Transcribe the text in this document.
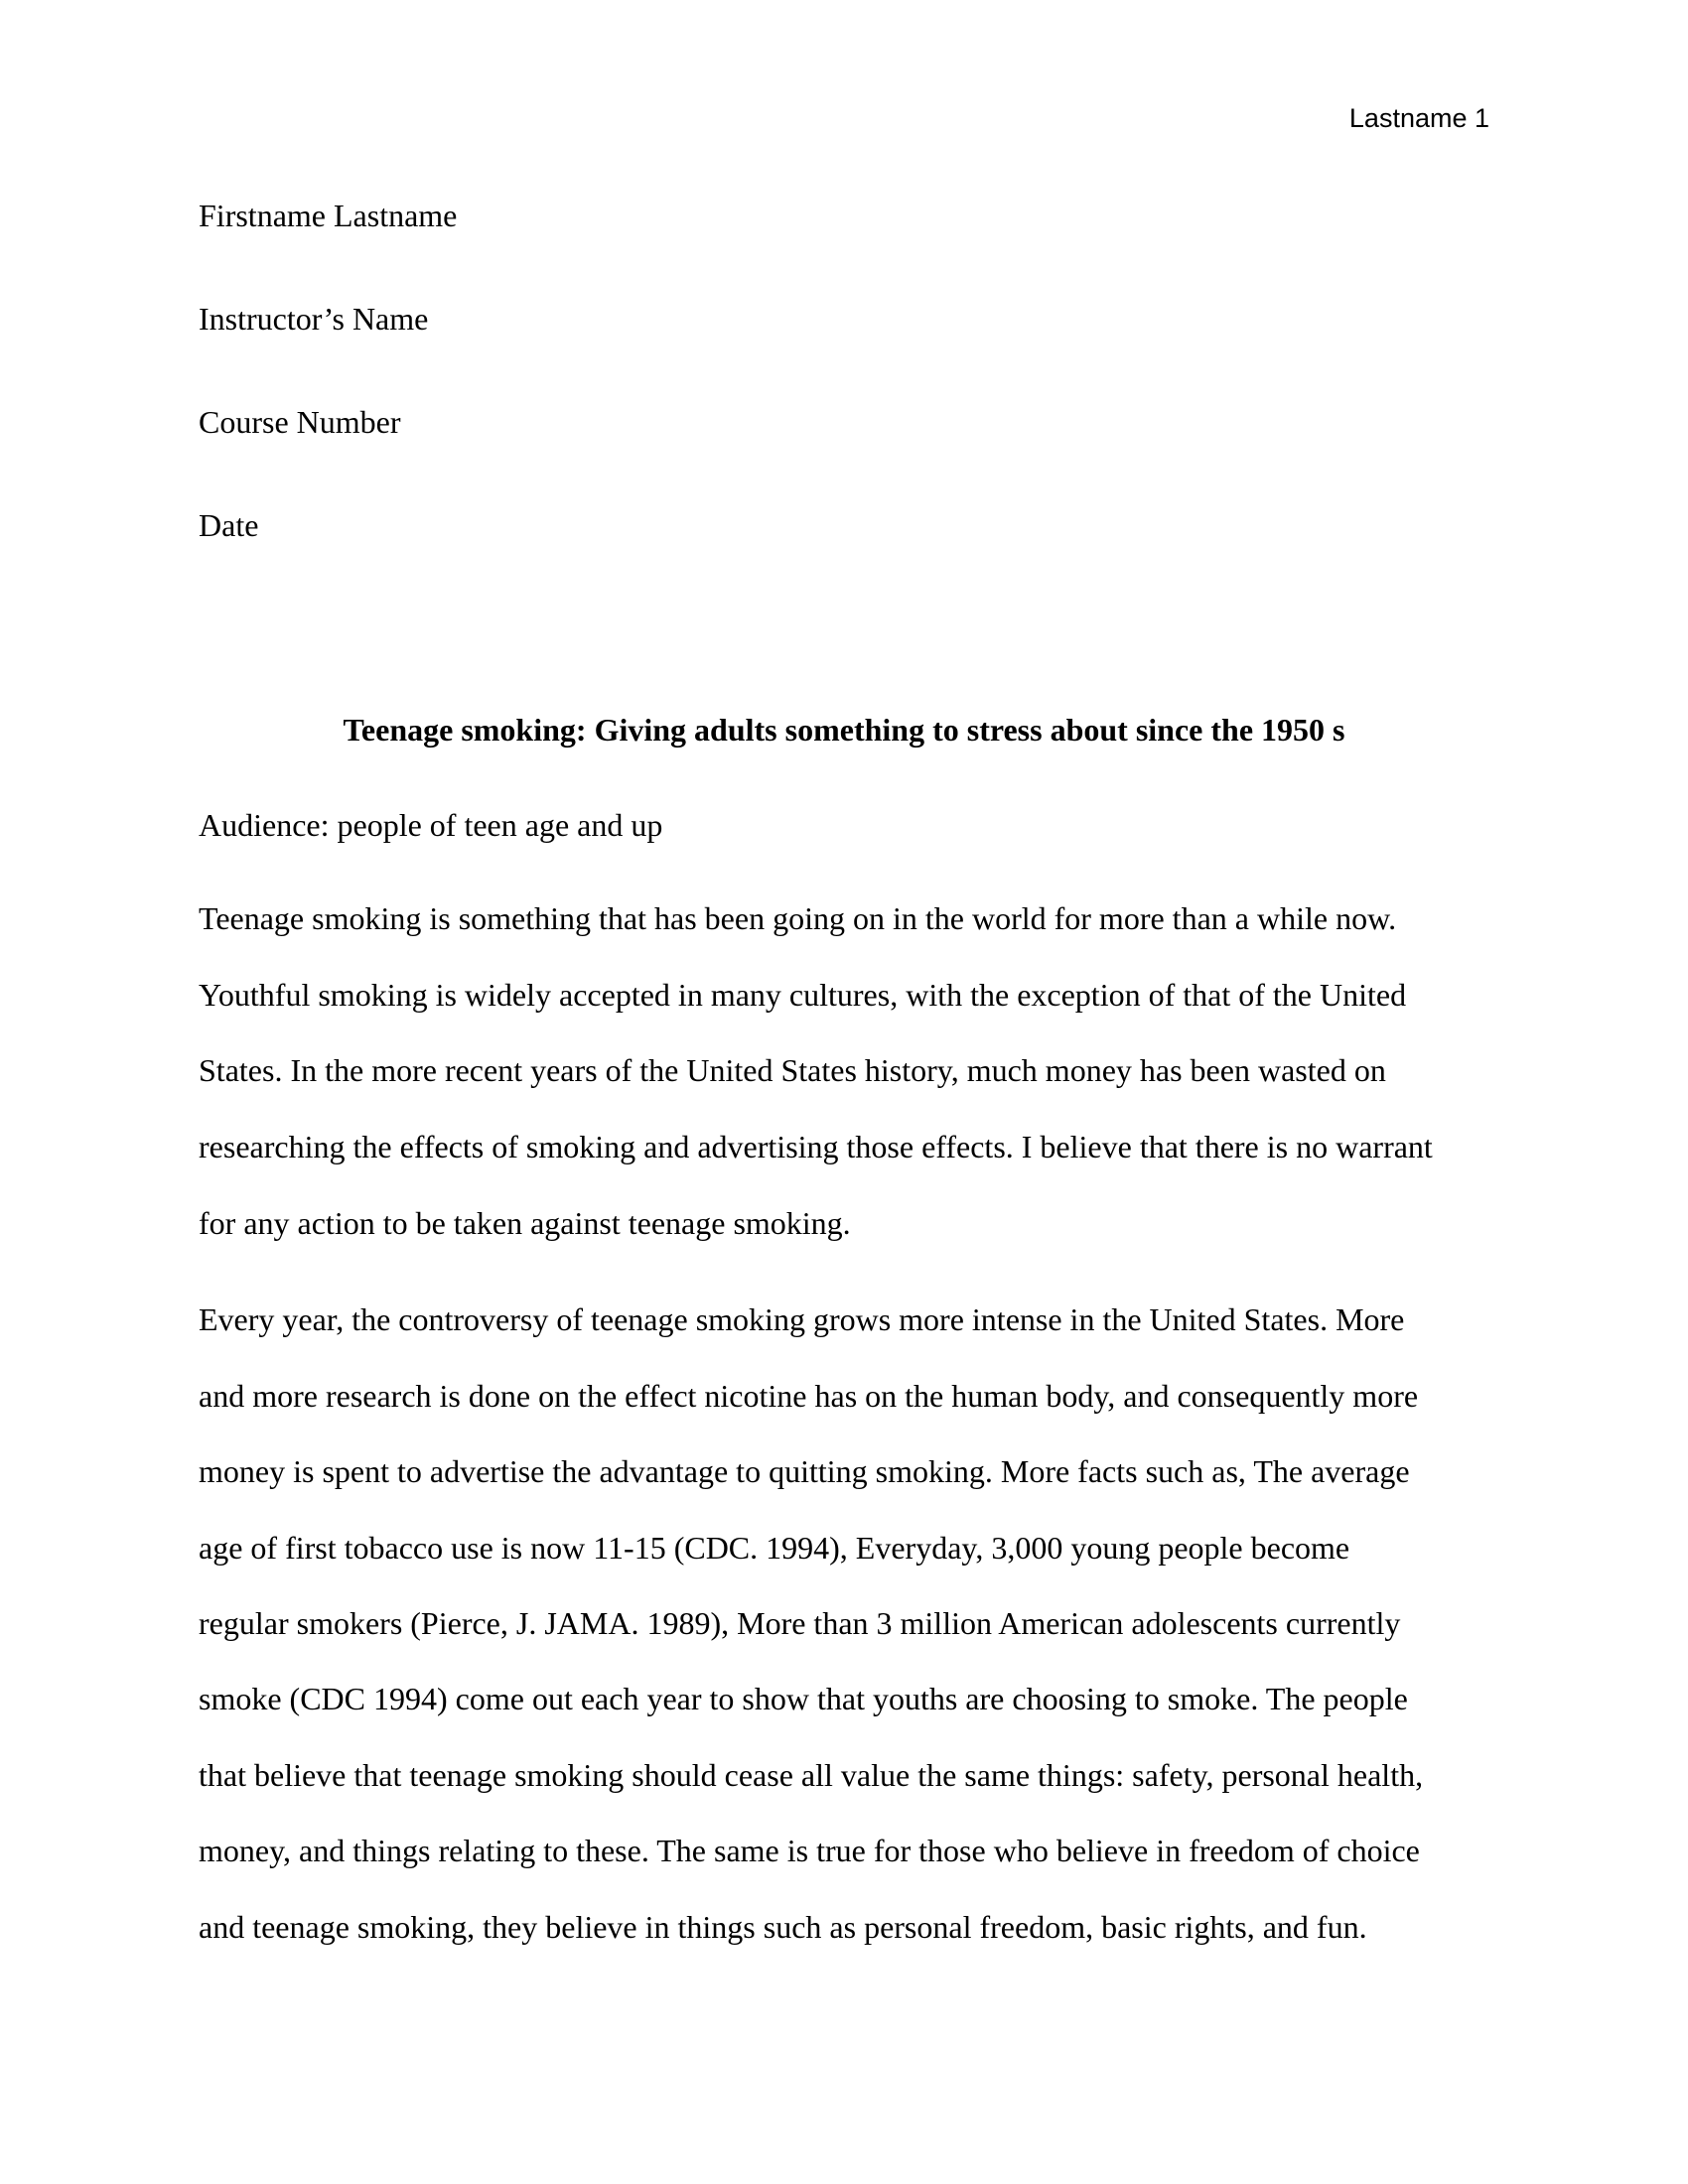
Lastname 1
Firstname Lastname
Instructor’s Name
Course Number
Date
Teenage smoking: Giving adults something to stress about since the 1950 s
Audience: people of teen age and up
Teenage smoking is something that has been going on in the world for more than a while now.
Youthful smoking is widely accepted in many cultures, with the exception of that of the United
States. In the more recent years of the United States history, much money has been wasted on
researching the effects of smoking and advertising those effects. I believe that there is no warrant
for any action to be taken against teenage smoking.
Every year, the controversy of teenage smoking grows more intense in the United States. More
and more research is done on the effect nicotine has on the human body, and consequently more
money is spent to advertise the advantage to quitting smoking. More facts such as, The average
age of first tobacco use is now 11-15 (CDC. 1994), Everyday, 3,000 young people become
regular smokers (Pierce, J. JAMA. 1989), More than 3 million American adolescents currently
smoke (CDC 1994) come out each year to show that youths are choosing to smoke. The people
that believe that teenage smoking should cease all value the same things: safety, personal health,
money, and things relating to these. The same is true for those who believe in freedom of choice
and teenage smoking, they believe in things such as personal freedom, basic rights, and fun.
